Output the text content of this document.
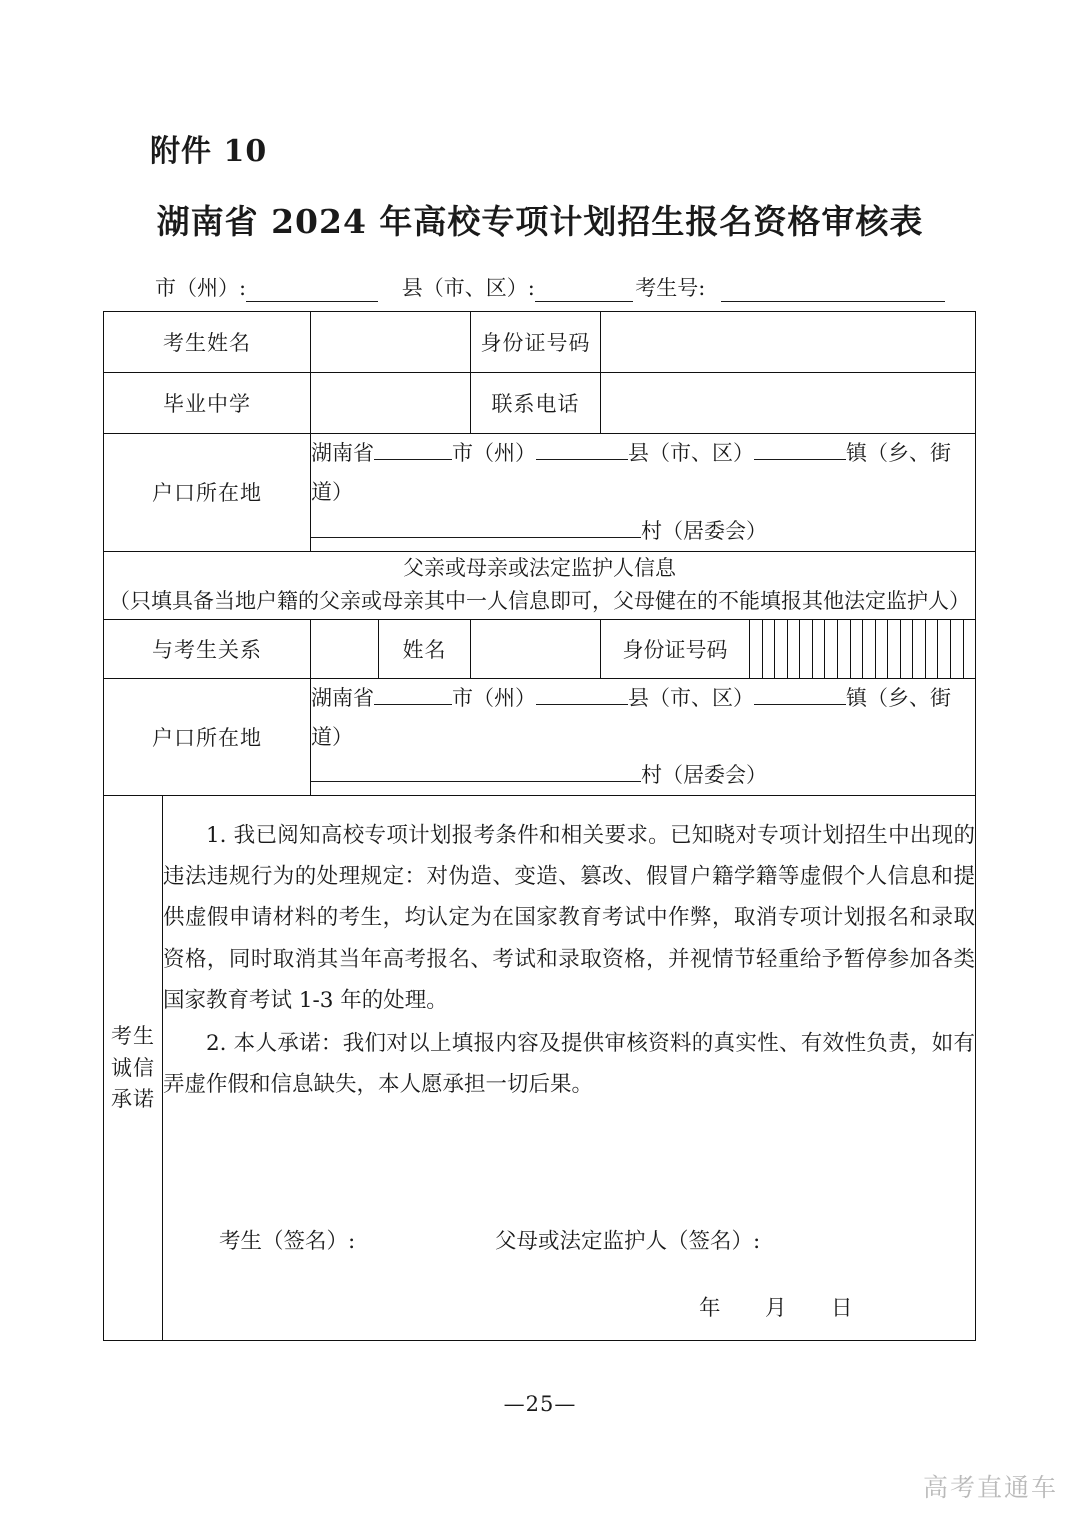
附件 10
湖南省 2024 年高校专项计划招生报名资格审核表
市（州）:	县（市、区）:	考生号:
考生姓名				身份证号码	
毕业中学				联系电话	
户口所在地		湖南省 市（州） 县（市、区） 镇（乡、街道）
村（居委会）			

父亲或母亲或法定监护人信息
（只填具备当地户籍的父亲或母亲其中一人信息即可，父母健在的不能填报其他法定监护人）					

与考生关系			姓名		身份证号码

户口所在地		湖南省 市（州） 县（市、区） 镇（乡、街道）
村（居委会）			

考生
诚信
承诺

1. 我已阅知高校专项计划报考条件和相关要求。已知晓对专项计划招生中出现的违法违规行为的处理规定：对伪造、变造、篡改、假冒户籍学籍等虚假个人信息和提供虚假申请材料的考生，均认定为在国家教育考试中作弊，取消专项计划报名和录取资格，同时取消其当年高考报名、考试和录取资格，并视情节轻重给予暂停参加各类国家教育考试 1-3 年的处理。

2. 本人承诺：我们对以上填报内容及提供审核资料的真实性、有效性负责，如有弄虚作假和信息缺失，本人愿承担一切后果。

考生（签名）:	父母或法定监护人（签名）:
年	月	日
—25—
高考直通车
